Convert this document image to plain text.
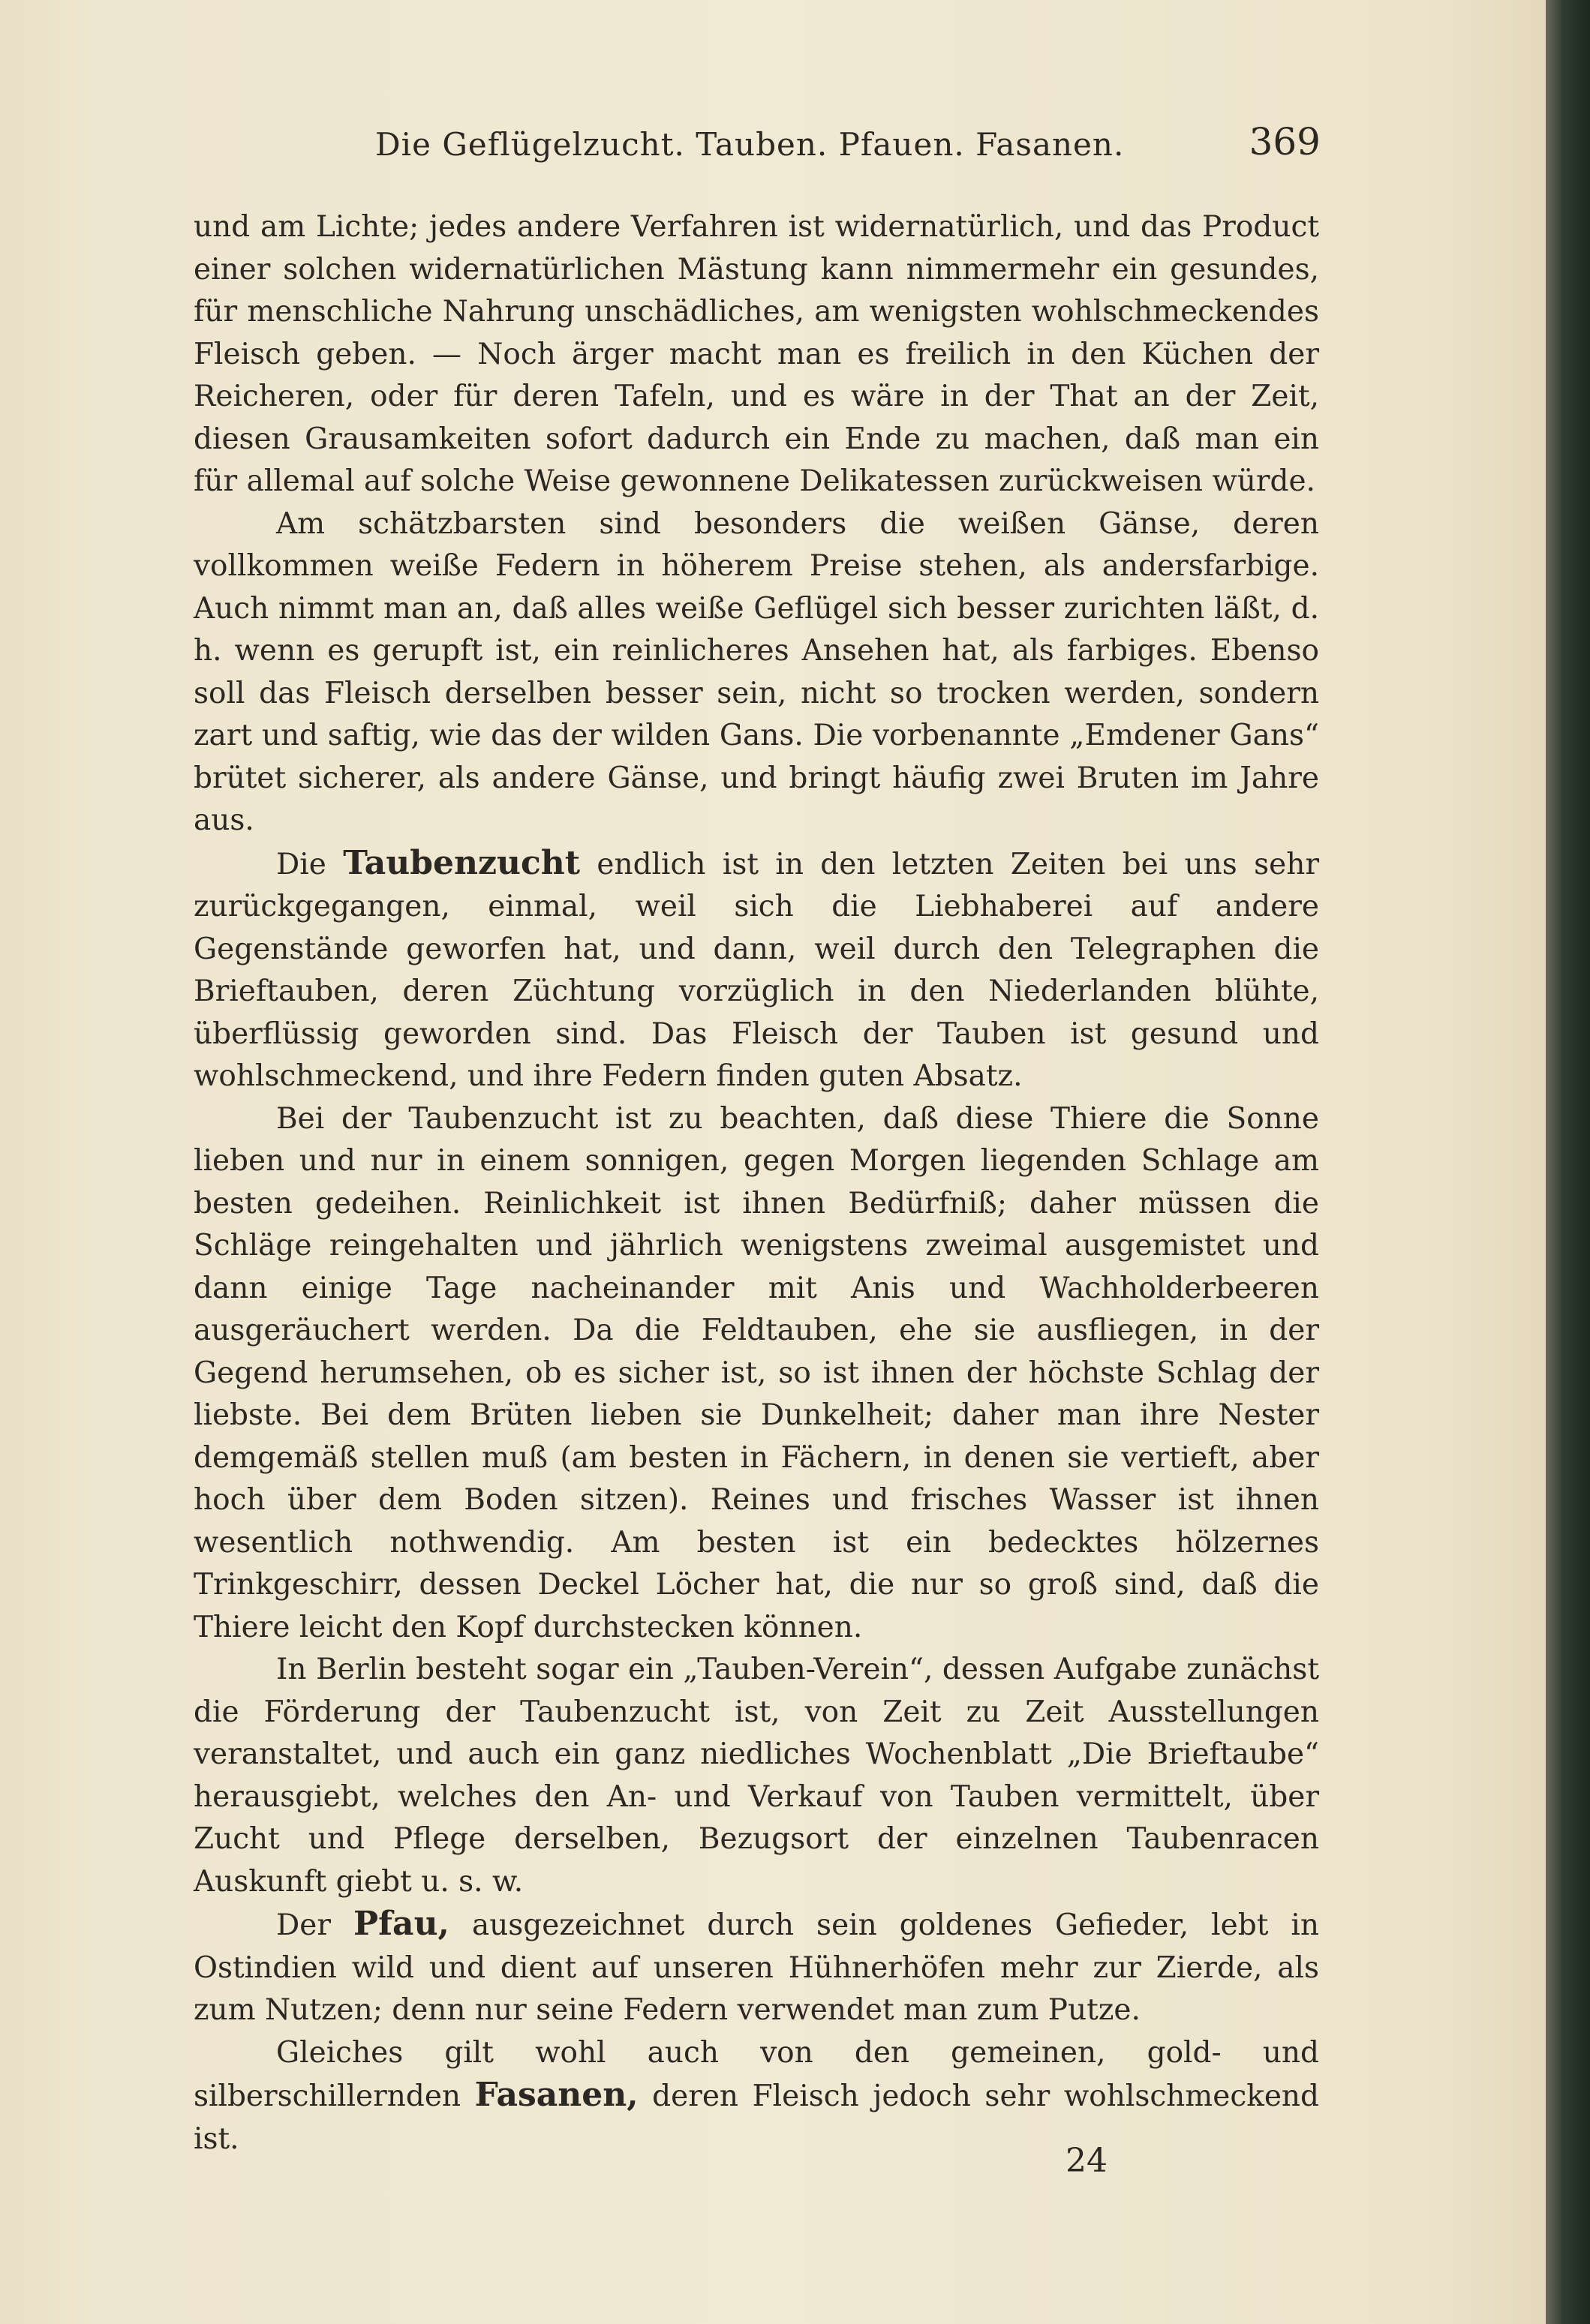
Die Geflügelzucht. Tauben. Pfauen. Fasanen.	369

und am Lichte; jedes andere Verfahren ist widernatürlich, und das Product einer solchen widernatürlichen Mästung kann nimmermehr ein gesundes, für menschliche Nahrung unschädliches, am wenigsten wohlschmeckendes Fleisch geben. — Noch ärger macht man es freilich in den Küchen der Reicheren, oder für deren Tafeln, und es wäre in der That an der Zeit, diesen Grausamkeiten sofort dadurch ein Ende zu machen, daß man ein für allemal auf solche Weise gewonnene Delikatessen zurückweisen würde.

Am schätzbarsten sind besonders die weißen Gänse, deren vollkommen weiße Federn in höherem Preise stehen, als andersfarbige. Auch nimmt man an, daß alles weiße Geflügel sich besser zurichten läßt, d. h. wenn es gerupft ist, ein reinlicheres Ansehen hat, als farbiges. Ebenso soll das Fleisch derselben besser sein, nicht so trocken werden, sondern zart und saftig, wie das der wilden Gans. Die vorbenannte „Emdener Gans“ brütet sicherer, als andere Gänse, und bringt häufig zwei Bruten im Jahre aus.

Die Taubenzucht endlich ist in den letzten Zeiten bei uns sehr zurückgegangen, einmal, weil sich die Liebhaberei auf andere Gegenstände geworfen hat, und dann, weil durch den Telegraphen die Brieftauben, deren Züchtung vorzüglich in den Niederlanden blühte, überflüssig geworden sind. Das Fleisch der Tauben ist gesund und wohlschmeckend, und ihre Federn finden guten Absatz.

Bei der Taubenzucht ist zu beachten, daß diese Thiere die Sonne lieben und nur in einem sonnigen, gegen Morgen liegenden Schlage am besten gedeihen. Reinlichkeit ist ihnen Bedürfniß; daher müssen die Schläge reingehalten und jährlich wenigstens zweimal ausgemistet und dann einige Tage nacheinander mit Anis und Wachholderbeeren ausgeräuchert werden. Da die Feldtauben, ehe sie ausfliegen, in der Gegend herumsehen, ob es sicher ist, so ist ihnen der höchste Schlag der liebste. Bei dem Brüten lieben sie Dunkelheit; daher man ihre Nester demgemäß stellen muß (am besten in Fächern, in denen sie vertieft, aber hoch über dem Boden sitzen). Reines und frisches Wasser ist ihnen wesentlich nothwendig. Am besten ist ein bedecktes hölzernes Trinkgeschirr, dessen Deckel Löcher hat, die nur so groß sind, daß die Thiere leicht den Kopf durchstecken können.

In Berlin besteht sogar ein „Tauben-Verein“, dessen Aufgabe zunächst die Förderung der Taubenzucht ist, von Zeit zu Zeit Ausstellungen veranstaltet, und auch ein ganz niedliches Wochenblatt „Die Brieftaube“ herausgiebt, welches den An- und Verkauf von Tauben vermittelt, über Zucht und Pflege derselben, Bezugsort der einzelnen Taubenracen Auskunft giebt u. s. w.

Der Pfau, ausgezeichnet durch sein goldenes Gefieder, lebt in Ostindien wild und dient auf unseren Hühnerhöfen mehr zur Zierde, als zum Nutzen; denn nur seine Federn verwendet man zum Putze.

Gleiches gilt wohl auch von den gemeinen, gold- und silberschillernden Fasanen, deren Fleisch jedoch sehr wohlschmeckend ist.

24
